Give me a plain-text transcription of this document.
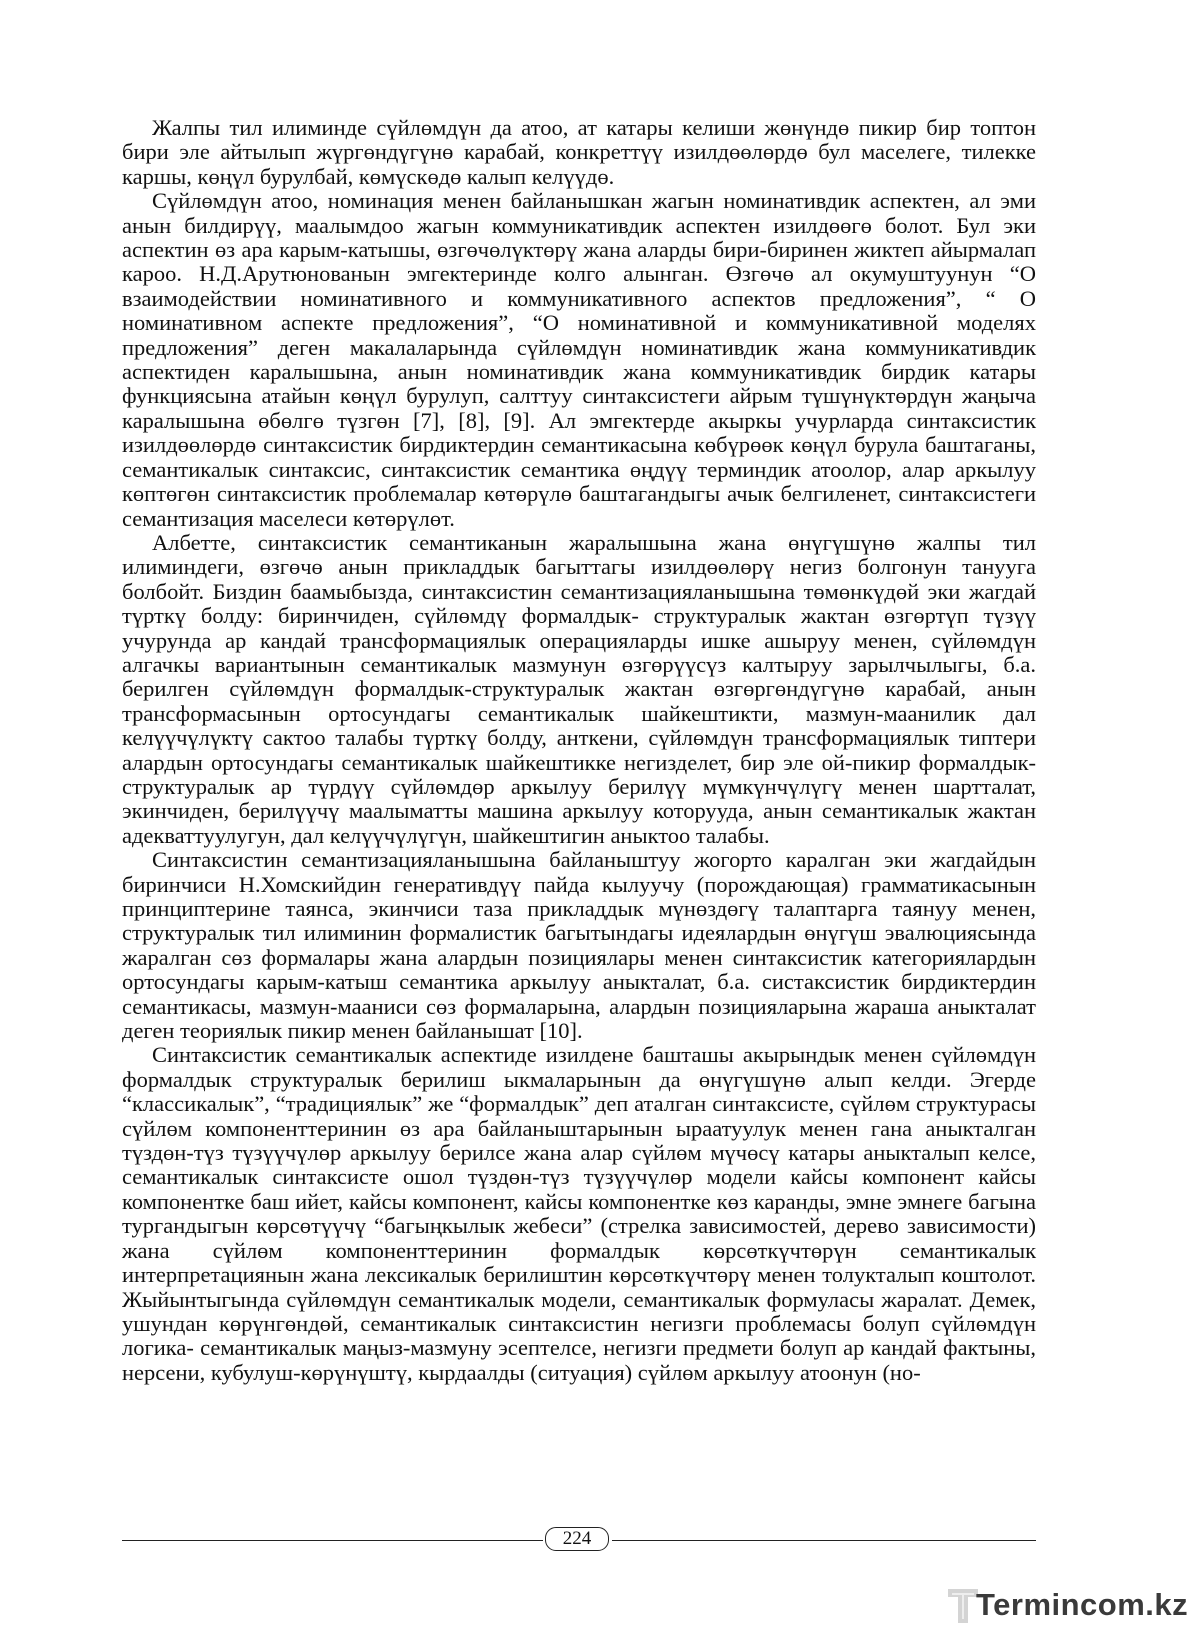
Жалпы тил илиминде сүйлөмдүн да атоо, ат катары келиши жөнүндө пикир бир топтон бири эле айтылып жүргөндүгүнө карабай, конкреттүү изилдөөлөрдө бул маселеге, тилекке каршы, көңүл бурулбай, көмүскөдө калып келүүдө.

Сүйлөмдүн атоо, номинация менен байланышкан жагын номинативдик аспектен, ал эми анын билдирүү, маалымдоо жагын коммуникативдик аспектен изилдөөгө болот. Бул эки аспектин өз ара карым-катышы, өзгөчөлүктөрү жана аларды бири-биринен жиктеп айырмалап кароо. Н.Д.Арутюнованын эмгектеринде колго алынган. Өзгөчө ал окумуштуунун “О взаимодействии номинативного и коммуникативного аспектов предложения”, “ О номинативном аспекте предложения”, “О номинативной и коммуникативной моделях предложения” деген макалаларында сүйлөмдүн номинативдик жана коммуникативдик аспектиден каралышына, анын номинативдик жана коммуникативдик бирдик катары функциясына атайын көңүл бурулуп, салттуу синтаксистеги айрым түшүнүктөрдүн жаңыча каралышына өбөлгө түзгөн [7], [8], [9]. Ал эмгектерде акыркы учурларда синтаксистик изилдөөлөрдө синтаксистик бирдиктердин семантикасына көбүрөөк көңүл бурула баштаганы, семантикалык синтаксис, синтаксистик семантика өңдүү терминдик атоолор, алар аркылуу көптөгөн синтаксистик проблемалар көтөрүлө баштагандыгы ачык белгиленет, синтаксистеги семантизация маселеси көтөрүлөт.

Албетте, синтаксистик семантиканын жаралышына жана өнүгүшүнө жалпы тил илиминдеги, өзгөчө анын прикладдык багыттагы изилдөөлөрү негиз болгонун танууга болбойт. Биздин баамыбызда, синтаксистин семантизацияланышына төмөнкүдөй эки жагдай түрткү болду: биринчиден, сүйлөмдү формалдык- структуралык жактан өзгөртүп түзүү учурунда ар кандай трансформациялык операцияларды ишке ашыруу менен, сүйлөмдүн алгачкы вариантынын семантикалык мазмунун өзгөрүүсүз калтыруу зарылчылыгы, б.а. берилген сүйлөмдүн формалдык-структуралык жактан өзгөргөндүгүнө карабай, анын трансформасынын ортосундагы семантикалык шайкештикти, мазмун-маанилик дал келүүчүлүктү сактоо талабы түрткү болду, анткени, сүйлөмдүн трансформациялык типтери алардын ортосундагы семантикалык шайкештикке негизделет, бир эле ой-пикир формалдык-структуралык ар түрдүү сүйлөмдөр аркылуу берилүү мүмкүнчүлүгү менен шартталат, экинчиден, берилүүчү маалыматты машина аркылуу которууда, анын семантикалык жактан адекваттуулугун, дал келүүчүлүгүн, шайкештигин аныктоо талабы.

Синтаксистин семантизацияланышына байланыштуу жогорто каралган эки жагдайдын биринчиси Н.Хомскийдин генеративдүү пайда кылуучу (порождающая) грамматикасынын принциптерине таянса, экинчиси таза прикладдык мүнөздөгү талаптарга таянуу менен, структуралык тил илиминин формалистик багытындагы идеялардын өнүгүш эвалюциясында жаралган сөз формалары жана алардын позициялaры менен синтаксистик категориялардын ортосундагы карым-катыш семантика аркылуу аныкталат, б.а. систаксистик бирдиктердин семантикасы, мазмун-мааниси сөз формаларына, алардын позицияларына жараша аныкталат деген теориялык пикир менен байланышат [10].

Синтаксистик семантикалык аспектиде изилдене башташы акырындык менен сүйлөмдүн формалдык структуралык берилиш ыкмаларынын да өнүгүшүнө алып келди. Эгерде “классикалык”, “традициялык” же “формалдык” деп аталган синтаксисте, сүйлөм структурасы сүйлөм компоненттеринин өз ара байланыштарынын ыраатуулук менен гана аныкталган түздөн-түз түзүүчүлөр аркылуу берилсе жана алар сүйлөм мүчөсү катары аныкталып келсе, семантикалык синтаксисте ошол түздөн-түз түзүүчүлөр модели кайсы компонент кайсы компонентке баш ийет, кайсы компонент, кайсы компонентке көз каранды, эмне эмнеге багына тургандыгын көрсөтүүчү “багыңкылык жебеси” (стрелка зависимостей, дерево зависимости) жана сүйлөм компоненттеринин формалдык көрсөткүчтөрүн семантикалык интерпретациянын жана лексикалык берилиштин көрсөткүчтөрү менен толукталып коштолот. Жыйынтыгында сүйлөмдүн семантикалык модели, семантикалык формуласы жаралат. Демек, ушундан көрүнгөндөй, семантикалык синтаксистин негизги проблемасы болуп сүйлөмдүн логика- семантикалык маңыз-мазмуну эсептелсе, негизги предмети болуп ар кандай фактыны, нерсени, кубулуш-көрүнүштү, кырдаалды (ситуация) сүйлөм аркылуу атоонун (но-

224
Termincom.kz
